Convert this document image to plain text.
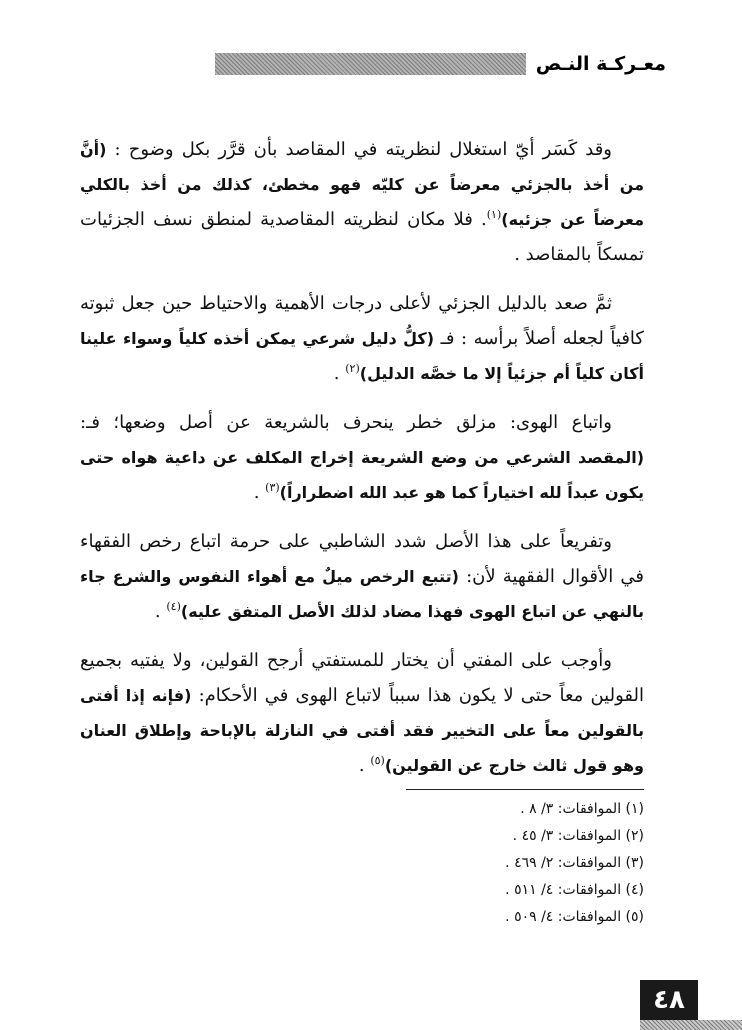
معـركـة النـص

وقد كَسَر أيّ استغلال لنظريته في المقاصد بأن قرَّر بكل وضوح : (أنَّ من أخذ بالجزئي معرضاً عن كليّه فهو مخطئ، كذلك من أخذ بالكلي معرضاً عن جزئيه)$^{(١)}$. فلا مكان لنظريته المقاصدية لمنطق نسف الجزئيات تمسكاً بالمقاصد .

ثمَّ صعد بالدليل الجزئي لأعلى درجات الأهمية والاحتياط حين جعل ثبوته كافياً لجعله أصلاً برأسه : فـ (كلُّ دليل شرعي يمكن أخذه كلياً وسواء علينا أكان كلياً أم جزئياً إلا ما خصَّه الدليل)$^{(٢)}$ .

واتباع الهوى: مزلق خطر ينحرف بالشريعة عن أصل وضعها؛ فـ: (المقصد الشرعي من وضع الشريعة إخراج المكلف عن داعية هواه حتى يكون عبداً لله اختياراً كما هو عبد الله اضطراراً)$^{(٣)}$ .

وتفريعاً على هذا الأصل شدد الشاطبي على حرمة اتباع رخص الفقهاء في الأقوال الفقهية لأن: (تتبع الرخص ميلٌ مع أهواء النفوس والشرع جاء بالنهي عن اتباع الهوى فهذا مضاد لذلك الأصل المتفق عليه)$^{(٤)}$ .

وأوجب على المفتي أن يختار للمستفتي أرجح القولين، ولا يفتيه بجميع القولين معاً حتى لا يكون هذا سبباً لاتباع الهوى في الأحكام: (فإنه إذا أفتى بالقولين معاً على التخيير فقد أفتى في النازلة بالإباحة وإطلاق العنان وهو قول ثالث خارج عن القولين)$^{(٥)}$ .

(١) الموافقات: ٣/ ٨ .
(٢) الموافقات: ٣/ ٤٥ .
(٣) الموافقات: ٢/ ٤٦٩ .
(٤) الموافقات: ٤/ ٥١١ .
(٥) الموافقات: ٤/ ٥٠٩ .
٤٨
